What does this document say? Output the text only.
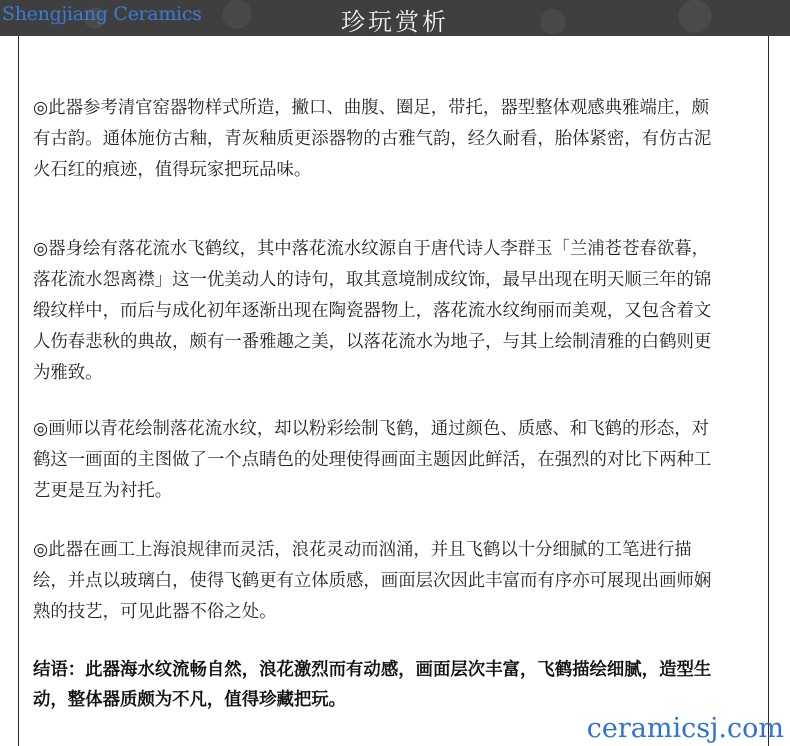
Shengjiang Ceramics	珍玩赏析

◎此器参考清官窑器物样式所造，撇口、曲腹、圈足，带托，器型整体观感典雅端庄，颇有古韵。通体施仿古釉，青灰釉质更添器物的古雅气韵，经久耐看，胎体紧密，有仿古泥火石红的痕迹，值得玩家把玩品味。

◎器身绘有落花流水飞鹤纹，其中落花流水纹源自于唐代诗人李群玉「兰浦苍苍春欲暮，落花流水怨离襟」这一优美动人的诗句，取其意境制成纹饰，最早出现在明天顺三年的锦缎纹样中，而后与成化初年逐渐出现在陶瓷器物上，落花流水纹绚丽而美观，又包含着文人伤春悲秋的典故，颇有一番雅趣之美，以落花流水为地子，与其上绘制清雅的白鹤则更为雅致。

◎画师以青花绘制落花流水纹，却以粉彩绘制飞鹤，通过颜色、质感、和飞鹤的形态，对鹤这一画面的主图做了一个点睛色的处理使得画面主题因此鲜活，在强烈的对比下两种工艺更是互为衬托。

◎此器在画工上海浪规律而灵活，浪花灵动而汹涌，并且飞鹤以十分细腻的工笔进行描绘，并点以玻璃白，使得飞鹤更有立体质感，画面层次因此丰富而有序亦可展现出画师娴熟的技艺，可见此器不俗之处。

结语：此器海水纹流畅自然，浪花激烈而有动感，画面层次丰富，飞鹤描绘细腻，造型生动，整体器质颇为不凡，值得珍藏把玩。

ceramicsj.com
